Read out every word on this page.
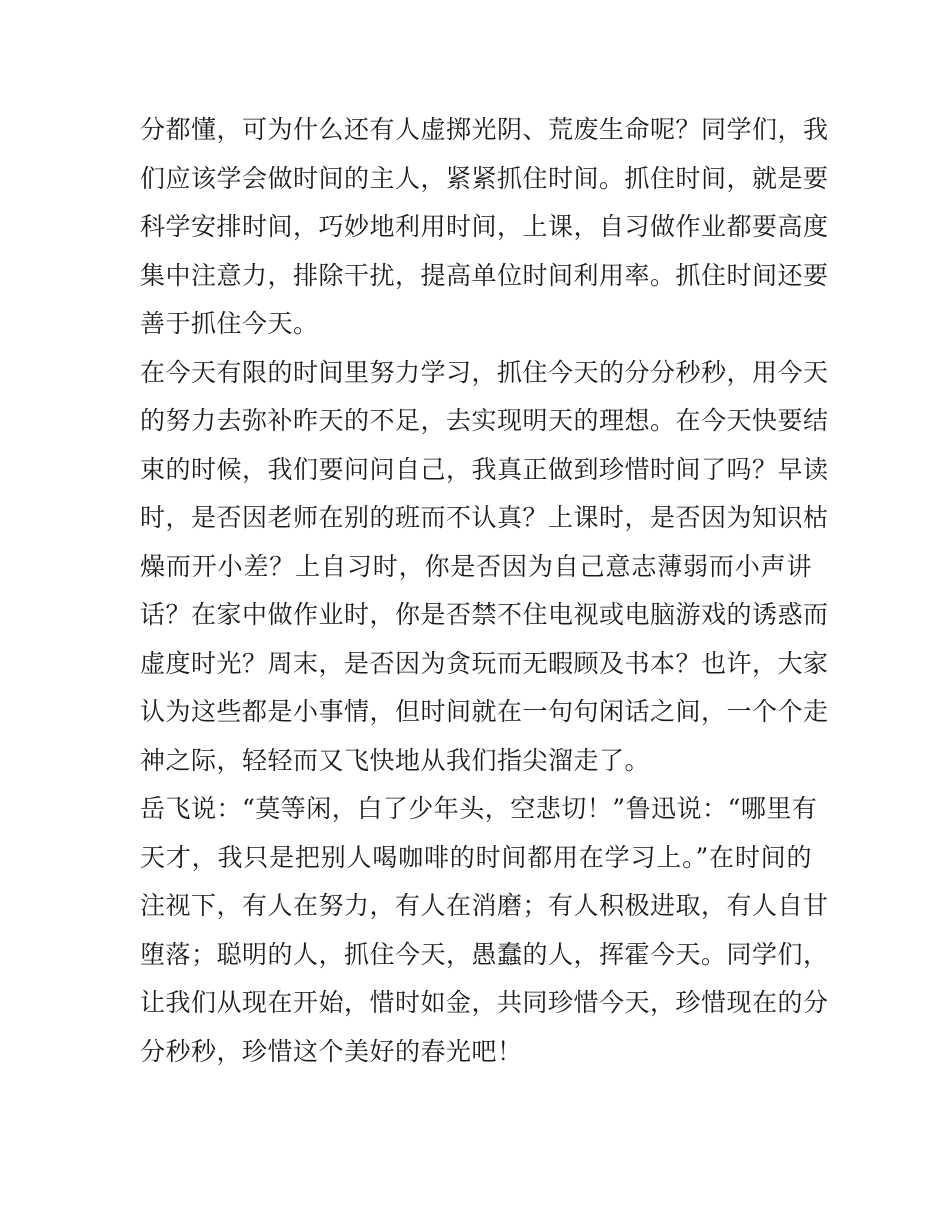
分都懂，可为什么还有人虚掷光阴、荒废生命呢？同学们，我
们应该学会做时间的主人，紧紧抓住时间。抓住时间，就是要
科学安排时间，巧妙地利用时间，上课，自习做作业都要高度
集中注意力，排除干扰，提高单位时间利用率。抓住时间还要
善于抓住今天。
在今天有限的时间里努力学习，抓住今天的分分秒秒，用今天
的努力去弥补昨天的不足，去实现明天的理想。在今天快要结
束的时候，我们要问问自己，我真正做到珍惜时间了吗？早读
时，是否因老师在别的班而不认真？上课时，是否因为知识枯
燥而开小差？上自习时，你是否因为自己意志薄弱而小声讲
话？在家中做作业时，你是否禁不住电视或电脑游戏的诱惑而
虚度时光？周末，是否因为贪玩而无暇顾及书本？也许，大家
认为这些都是小事情，但时间就在一句句闲话之间，一个个走
神之际，轻轻而又飞快地从我们指尖溜走了。
岳飞说：“莫等闲，白了少年头，空悲切！”鲁迅说：“哪里有
天才，我只是把别人喝咖啡的时间都用在学习上。”在时间的
注视下，有人在努力，有人在消磨；有人积极进取，有人自甘
堕落；聪明的人，抓住今天，愚蠢的人，挥霍今天。同学们，
让我们从现在开始，惜时如金，共同珍惜今天，珍惜现在的分
分秒秒，珍惜这个美好的春光吧！
